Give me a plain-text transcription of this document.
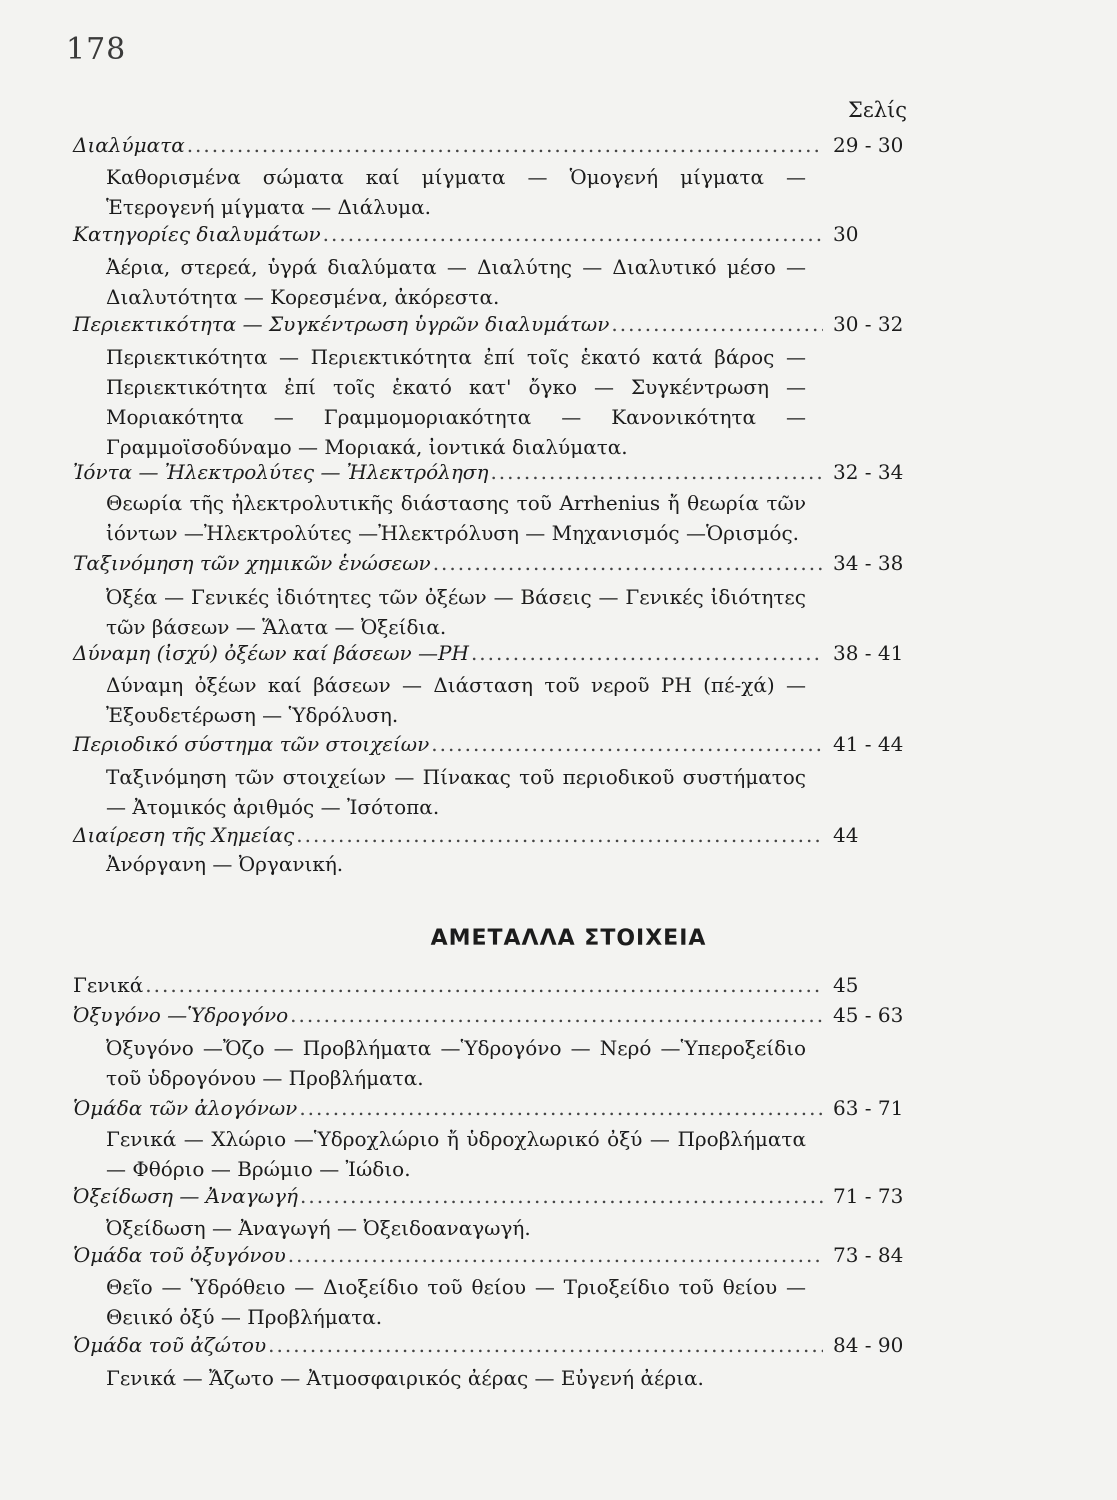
178
Σελίς
Διαλύματα .....	29 - 30
Καθορισμένα σώματα καί μίγματα — Ὁμογενή μίγματα — Ἑτερογενή μίγματα — Διάλυμα.
Κατηγορίες διαλυμάτων .....	30
Ἀέρια, στερεά, ὑγρά διαλύματα — Διαλύτης — Διαλυτικό μέσο — Διαλυτότητα — Κορεσμένα, ἀκόρεστα.
Περιεκτικότητα — Συγκέντρωση ὑγρῶν διαλυμάτων .....	30 - 32
Περιεκτικότητα — Περιεκτικότητα ἐπί τοῖς ἑκατό κατά βάρος — Περιεκτικότητα ἐπί τοῖς ἑκατό κατ' ὄγκο — Συγκέντρωση — Μοριακότητα — Γραμμομοριακότητα — Κανονικότητα — Γραμμοϊσοδύναμο — Μοριακά, ἰοντικά διαλύματα.
Ἰόντα — Ἠλεκτρολύτες — Ἠλεκτρόληση .....	32 - 34
Θεωρία τῆς ἠλεκτρολυτικῆς διάστασης τοῦ Arrhenius ἤ θεωρία τῶν ἰόντων —Ἠλεκτρολύτες —Ἠλεκτρόλυση — Μηχανισμός —Ὁρισμός.
Ταξινόμηση τῶν χημικῶν ἑνώσεων .....	34 - 38
Ὀξέα — Γενικές ἰδιότητες τῶν ὀξέων — Βάσεις — Γενικές ἰδιότητες τῶν βάσεων — Ἅλατα — Ὀξείδια.
Δύναμη (ἰσχύ) ὀξέων καί βάσεων —PH .....	38 - 41
Δύναμη ὀξέων καί βάσεων — Διάσταση τοῦ νεροῦ PH (πέ-χά) —Ἐξουδετέρωση — Ὑδρόλυση.
Περιοδικό σύστημα τῶν στοιχείων .....	41 - 44
Ταξινόμηση τῶν στοιχείων — Πίνακας τοῦ περιοδικοῦ συστήματος — Ἀτομικός ἀριθμός — Ἰσότοπα.
Διαίρεση τῆς Χημείας .....	44
Ἀνόργανη — Ὀργανική.
ΑΜΕΤΑΛΛΑ ΣΤΟΙΧΕΙΑ
Γενικά .....	45
Ὀξυγόνο —Ὑδρογόνο .....	45 - 63
Ὀξυγόνο —Ὄζο — Προβλήματα —Ὑδρογόνο — Νερό —Ὑπεροξείδιο τοῦ ὑδρογόνου — Προβλήματα.
Ὁμάδα τῶν ἀλογόνων .....	63 - 71
Γενικά — Χλώριο —Ὑδροχλώριο ἤ ὑδροχλωρικό ὀξύ — Προβλήματα — Φθόριο — Βρώμιο — Ἰώδιο.
Ὀξείδωση — Ἀναγωγή .....	71 - 73
Ὀξείδωση — Ἀναγωγή — Ὀξειδοαναγωγή.
Ὁμάδα τοῦ ὀξυγόνου .....	73 - 84
Θεῖο — Ὑδρόθειο — Διοξείδιο τοῦ θείου — Τριοξείδιο τοῦ θείου — Θειικό ὀξύ — Προβλήματα.
Ὁμάδα τοῦ ἀζώτου .....	84 - 90
Γενικά — Ἄζωτο — Ἀτμοσφαιρικός ἀέρας — Εὐγενή ἀέρια.
